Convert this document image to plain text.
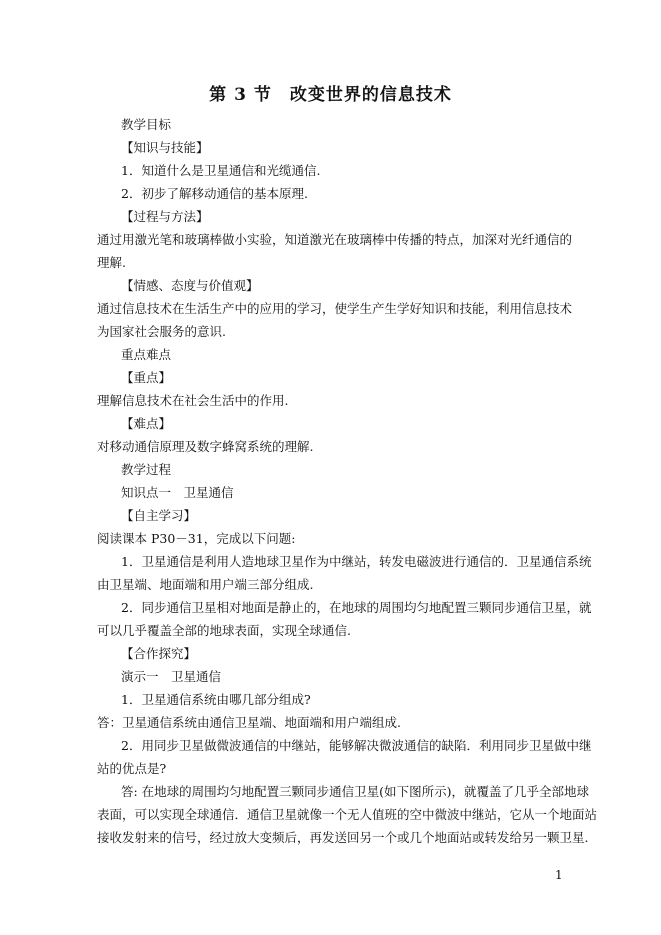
第 3 节　改变世界的信息技术
教学目标
【知识与技能】
1．知道什么是卫星通信和光缆通信.
2．初步了解移动通信的基本原理.
【过程与方法】
通过用激光笔和玻璃棒做小实验，知道激光在玻璃棒中传播的特点，加深对光纤通信的
理解.
【情感、态度与价值观】
通过信息技术在生活生产中的应用的学习，使学生产生学好知识和技能，利用信息技术
为国家社会服务的意识.
重点难点
【重点】
理解信息技术在社会生活中的作用.
【难点】
对移动通信原理及数字蜂窝系统的理解.
教学过程
知识点一　卫星通信
【自主学习】
阅读课本 P30－31，完成以下问题:
1．卫星通信是利用人造地球卫星作为中继站，转发电磁波进行通信的．卫星通信系统
由卫星端、地面端和用户端三部分组成.
2．同步通信卫星相对地面是静止的，在地球的周围均匀地配置三颗同步通信卫星，就
可以几乎覆盖全部的地球表面，实现全球通信.
【合作探究】
演示一　卫星通信
1．卫星通信系统由哪几部分组成?
答：卫星通信系统由通信卫星端、地面端和用户端组成.
2．用同步卫星做微波通信的中继站，能够解决微波通信的缺陷．利用同步卫星做中继
站的优点是?
答: 在地球的周围均匀地配置三颗同步通信卫星(如下图所示)，就覆盖了几乎全部地球
表面，可以实现全球通信．通信卫星就像一个无人值班的空中微波中继站，它从一个地面站
接收发射来的信号，经过放大变频后，再发送回另一个或几个地面站或转发给另一颗卫星.
1
